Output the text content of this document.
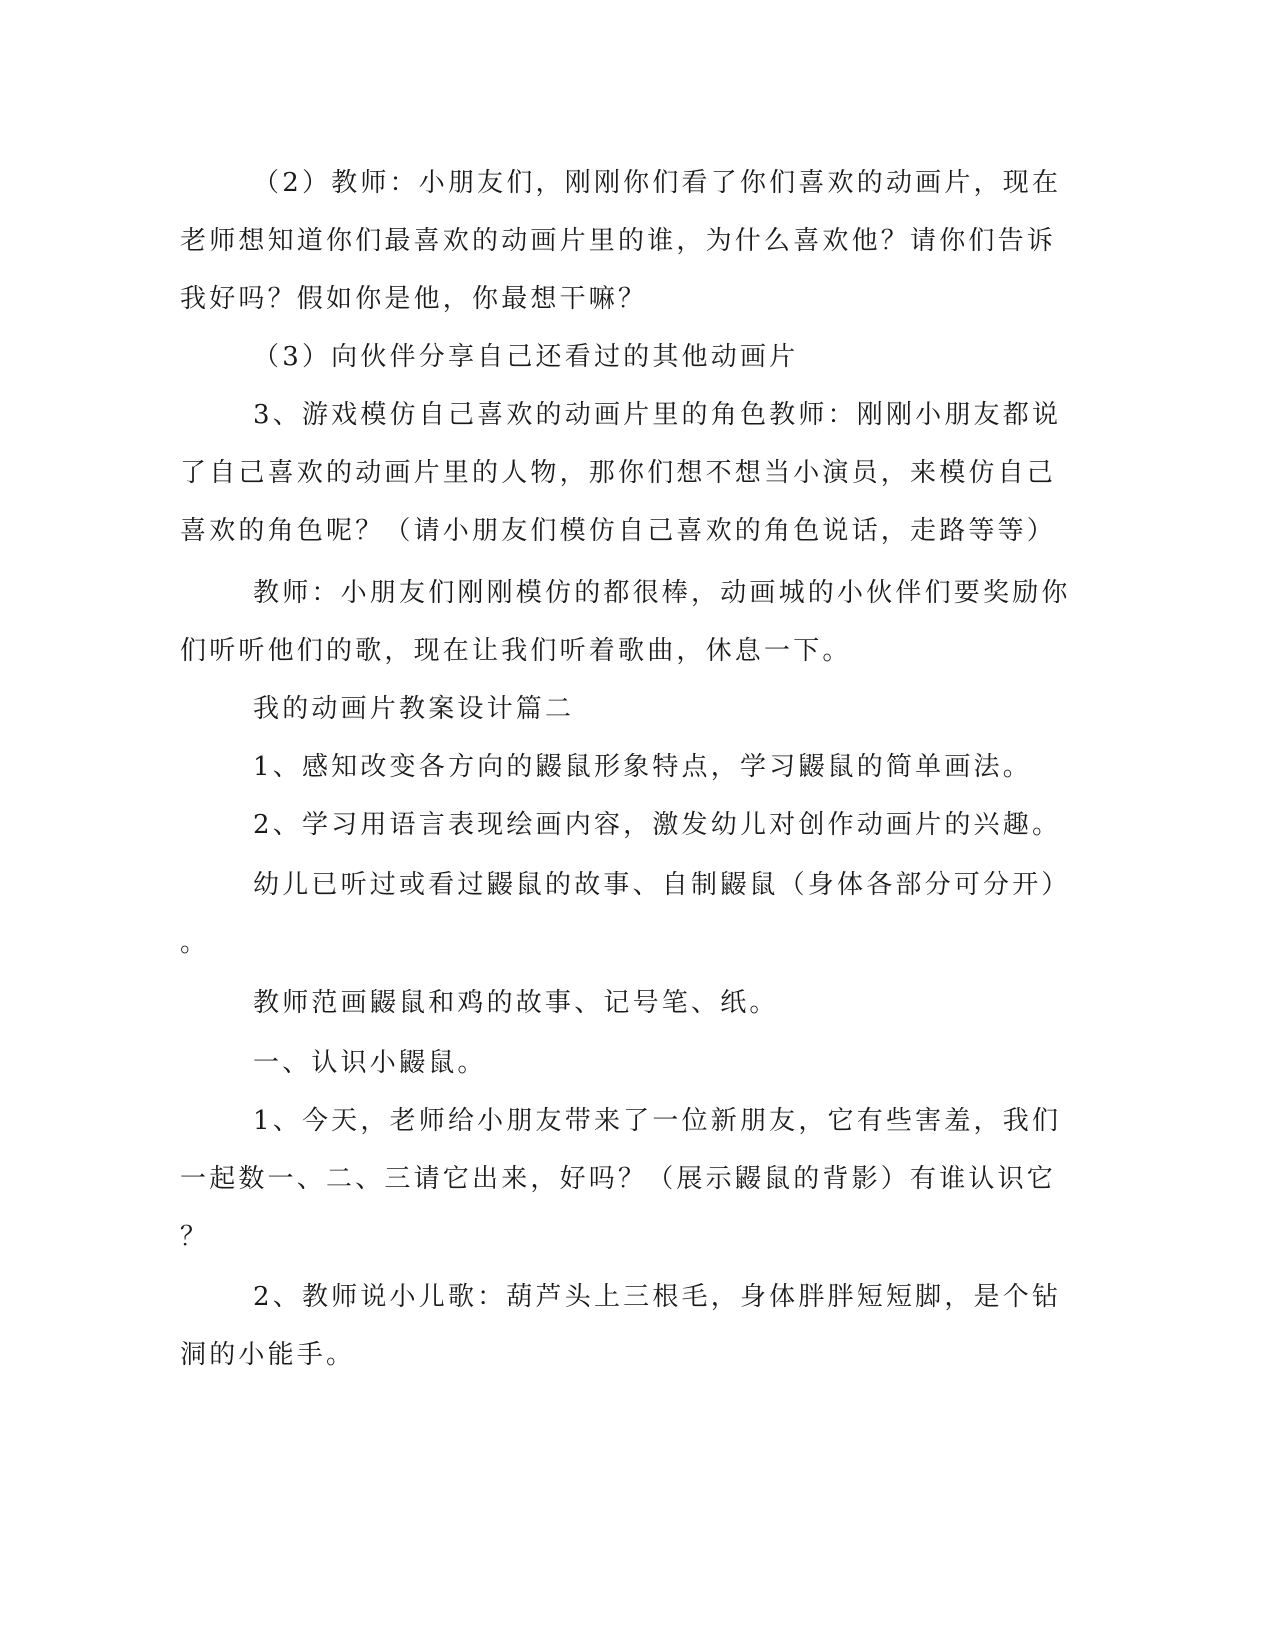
（2）教师：小朋友们，刚刚你们看了你们喜欢的动画片，现在

老师想知道你们最喜欢的动画片里的谁，为什么喜欢他？请你们告诉

我好吗？假如你是他，你最想干嘛？

（3）向伙伴分享自己还看过的其他动画片

3、游戏模仿自己喜欢的动画片里的角色教师：刚刚小朋友都说

了自己喜欢的动画片里的人物，那你们想不想当小演员，来模仿自己

喜欢的角色呢？（请小朋友们模仿自己喜欢的角色说话，走路等等）

教师：小朋友们刚刚模仿的都很棒，动画城的小伙伴们要奖励你

们听听他们的歌，现在让我们听着歌曲，休息一下。

我的动画片教案设计篇二

1、感知改变各方向的鼹鼠形象特点，学习鼹鼠的简单画法。

2、学习用语言表现绘画内容，激发幼儿对创作动画片的兴趣。

幼儿已听过或看过鼹鼠的故事、自制鼹鼠（身体各部分可分开）

。

教师范画鼹鼠和鸡的故事、记号笔、纸。

一、认识小鼹鼠。

1、今天，老师给小朋友带来了一位新朋友，它有些害羞，我们

一起数一、二、三请它出来，好吗？（展示鼹鼠的背影）有谁认识它

？

2、教师说小儿歌：葫芦头上三根毛，身体胖胖短短脚，是个钻

洞的小能手。
